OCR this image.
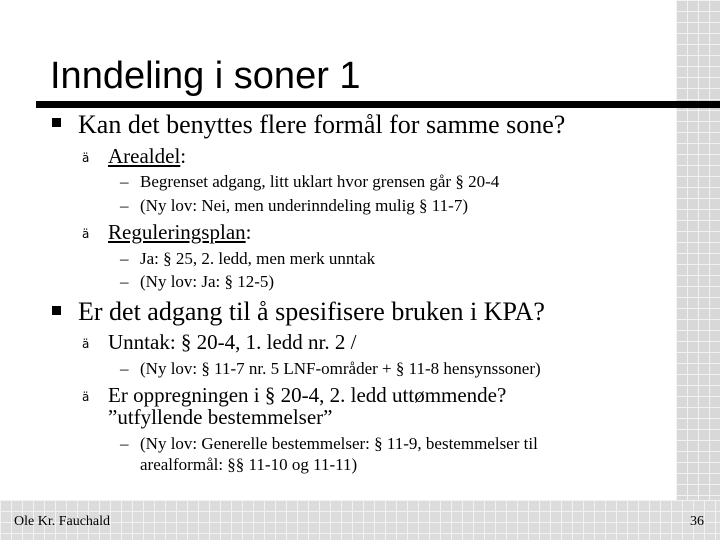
Inndeling i soner 1
Kan det benyttes flere formål for samme sone?
ä Arealdel:
– Begrenset adgang, litt uklart hvor grensen går § 20-4
– (Ny lov: Nei, men underinndeling mulig § 11-7)
ä Reguleringsplan:
– Ja: § 25, 2. ledd, men merk unntak
– (Ny lov: Ja: § 12-5)
Er det adgang til å spesifisere bruken i KPA?
ä Unntak: § 20-4, 1. ledd nr. 2 /
– (Ny lov: § 11-7 nr. 5 LNF-områder + § 11-8 hensynssoner)
ä Er oppregningen i § 20-4, 2. ledd uttømmende?
”utfyllende bestemmelser”
– (Ny lov: Generelle bestemmelser: § 11-9, bestemmelser til
arealformål: §§ 11-10 og 11-11)
Ole Kr. Fauchald	36
